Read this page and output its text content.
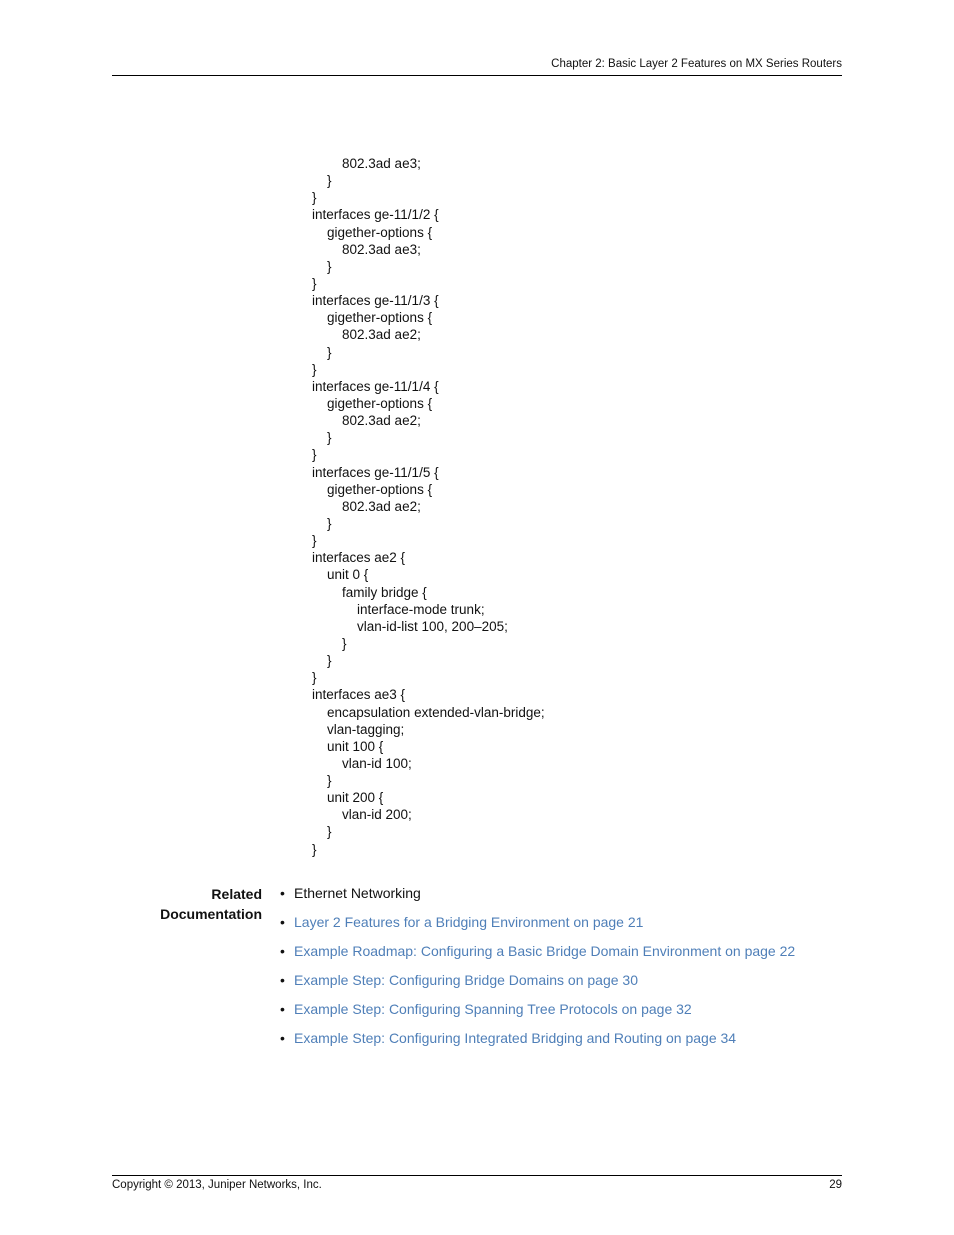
Chapter 2: Basic Layer 2 Features on MX Series Routers
802.3ad ae3;
}
}
interfaces ge-11/1/2 {
gigether-options {
802.3ad ae3;
}
}
interfaces ge-11/1/3 {
gigether-options {
802.3ad ae2;
}
}
interfaces ge-11/1/4 {
gigether-options {
802.3ad ae2;
}
}
interfaces ge-11/1/5 {
gigether-options {
802.3ad ae2;
}
}
interfaces ae2 {
unit 0 {
family bridge {
interface-mode trunk;
vlan-id-list 100, 200–205;
}
}
}
interfaces ae3 {
encapsulation extended-vlan-bridge;
vlan-tagging;
unit 100 {
vlan-id 100;
}
unit 200 {
vlan-id 200;
}
}
Related
Documentation
• Ethernet Networking
• Layer 2 Features for a Bridging Environment on page 21
• Example Roadmap: Configuring a Basic Bridge Domain Environment on page 22
• Example Step: Configuring Bridge Domains on page 30
• Example Step: Configuring Spanning Tree Protocols on page 32
• Example Step: Configuring Integrated Bridging and Routing on page 34
Copyright © 2013, Juniper Networks, Inc.	29
